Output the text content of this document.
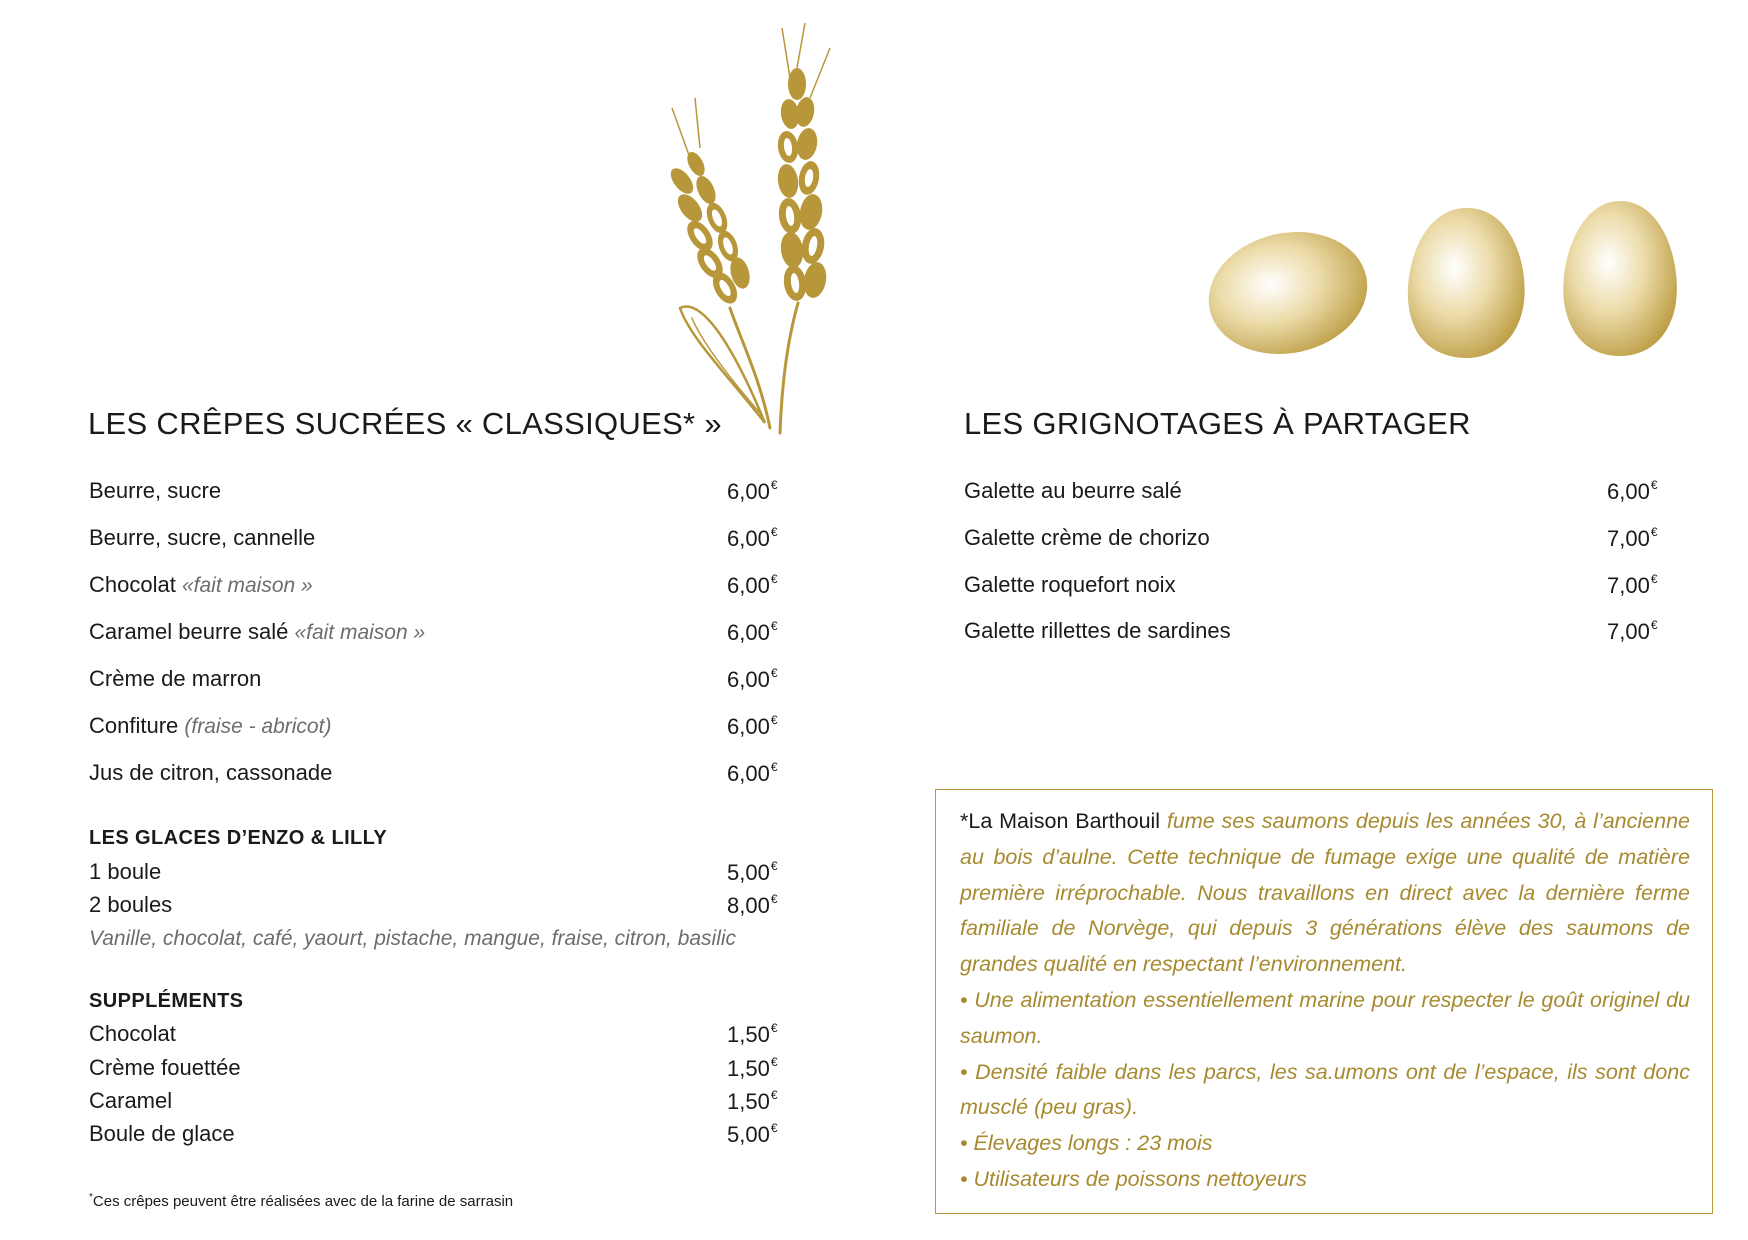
LES CRÊPES SUCRÉES « CLASSIQUES* »
Beurre, sucre	6,00€
Beurre, sucre, cannelle	6,00€
Chocolat «fait maison »	6,00€
Caramel beurre salé «fait maison »	6,00€
Crème de marron	6,00€
Confiture (fraise - abricot)	6,00€
Jus de citron, cassonade	6,00€
LES GLACES D’ENZO & LILLY
1 boule	5,00€
2 boules	8,00€
Vanille, chocolat, café, yaourt, pistache, mangue, fraise, citron, basilic
SUPPLÉMENTS
Chocolat	1,50€
Crème fouettée	1,50€
Caramel	1,50€
Boule de glace	5,00€
*Ces crêpes peuvent être réalisées avec de la farine de sarrasin
LES GRIGNOTAGES À PARTAGER
Galette au beurre salé	6,00€
Galette crème de chorizo	7,00€
Galette roquefort noix	7,00€
Galette rillettes de sardines	7,00€

*La Maison Barthouil fume ses saumons depuis les années 30, à l’ancienne au bois d’aulne. Cette technique de fumage exige une qualité de matière première irréprochable. Nous travaillons en direct avec la dernière ferme familiale de Norvège, qui depuis 3 générations élève des saumons de grandes qualité en respectant l’environnement.

• Une alimentation essentiellement marine pour respecter le goût originel du saumon.

• Densité faible dans les parcs, les sa.umons ont de l’espace, ils sont donc musclé (peu gras).

• Élevages longs : 23 mois

• Utilisateurs de poissons nettoyeurs
